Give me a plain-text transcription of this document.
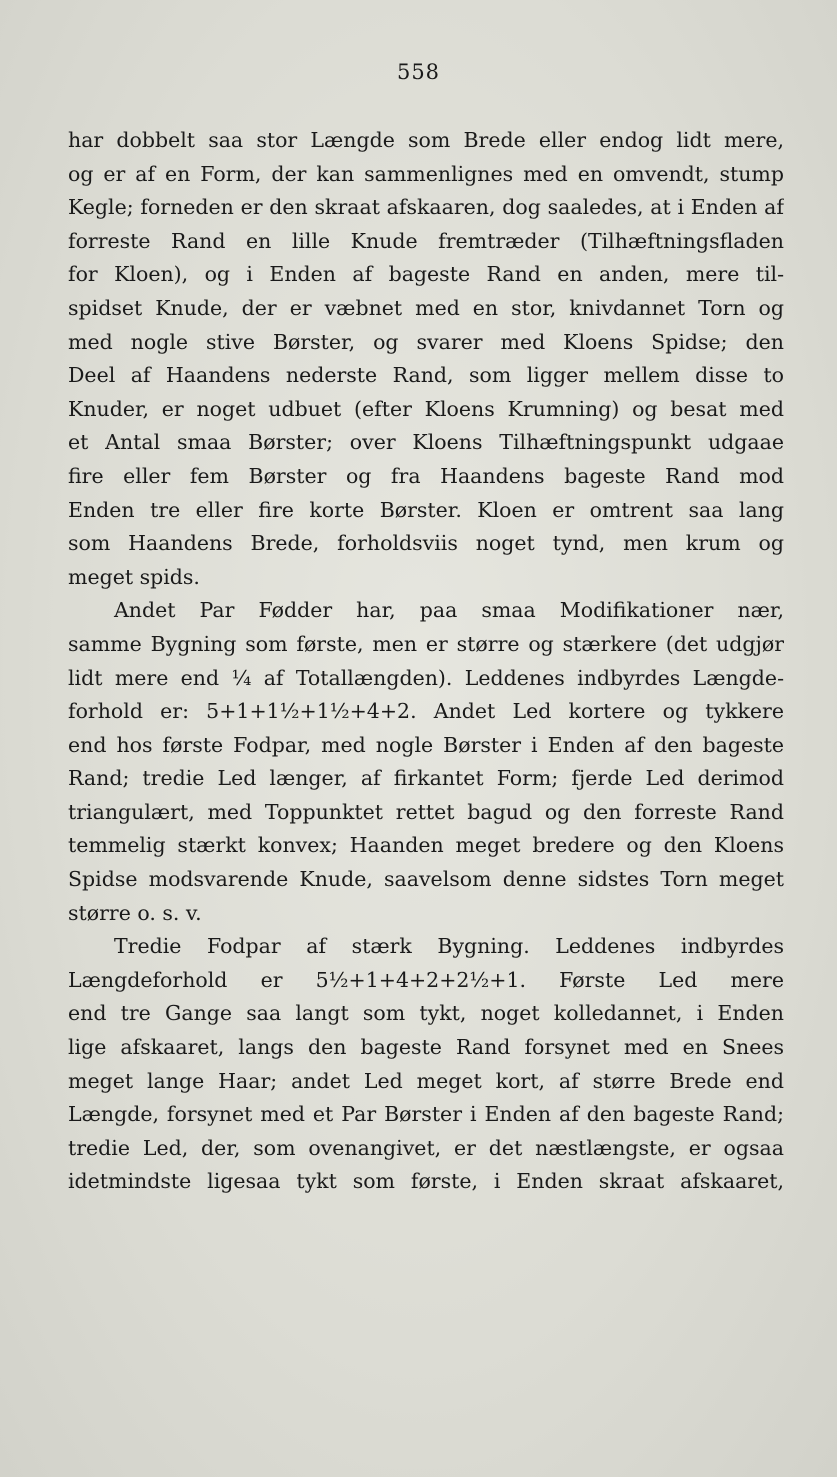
558
har dobbelt saa stor Længde som Brede eller endog lidt mere,
og er af en Form, der kan sammenlignes med en omvendt, stump
Kegle; forneden er den skraat afskaaren, dog saaledes, at i Enden af
forreste Rand en lille Knude fremtræder (Tilhæftningsfladen
for Kloen), og i Enden af bageste Rand en anden, mere til-
spidset Knude, der er væbnet med en stor, knivdannet Torn og
med nogle stive Børster, og svarer med Kloens Spidse; den
Deel af Haandens nederste Rand, som ligger mellem disse to
Knuder, er noget udbuet (efter Kloens Krumning) og besat med
et Antal smaa Børster; over Kloens Tilhæftningspunkt udgaae
fire eller fem Børster og fra Haandens bageste Rand mod
Enden tre eller fire korte Børster. Kloen er omtrent saa lang
som Haandens Brede, forholdsviis noget tynd, men krum og
meget spids.
Andet Par Fødder har, paa smaa Modifikationer nær,
samme Bygning som første, men er større og stærkere (det udgjør
lidt mere end ¼ af Totallængden). Leddenes indbyrdes Længde-
forhold er: 5+1+1½+1½+4+2. Andet Led kortere og tykkere
end hos første Fodpar, med nogle Børster i Enden af den bageste
Rand; tredie Led længer, af firkantet Form; fjerde Led derimod
triangulært, med Toppunktet rettet bagud og den forreste Rand
temmelig stærkt konvex; Haanden meget bredere og den Kloens
Spidse modsvarende Knude, saavelsom denne sidstes Torn meget
større o. s. v.
Tredie Fodpar af stærk Bygning. Leddenes indbyrdes
Længdeforhold er 5½+1+4+2+2½+1. Første Led mere
end tre Gange saa langt som tykt, noget kolledannet, i Enden
lige afskaaret, langs den bageste Rand forsynet med en Snees
meget lange Haar; andet Led meget kort, af større Brede end
Længde, forsynet med et Par Børster i Enden af den bageste Rand;
tredie Led, der, som ovenangivet, er det næstlængste, er ogsaa
idetmindste ligesaa tykt som første, i Enden skraat afskaaret,
